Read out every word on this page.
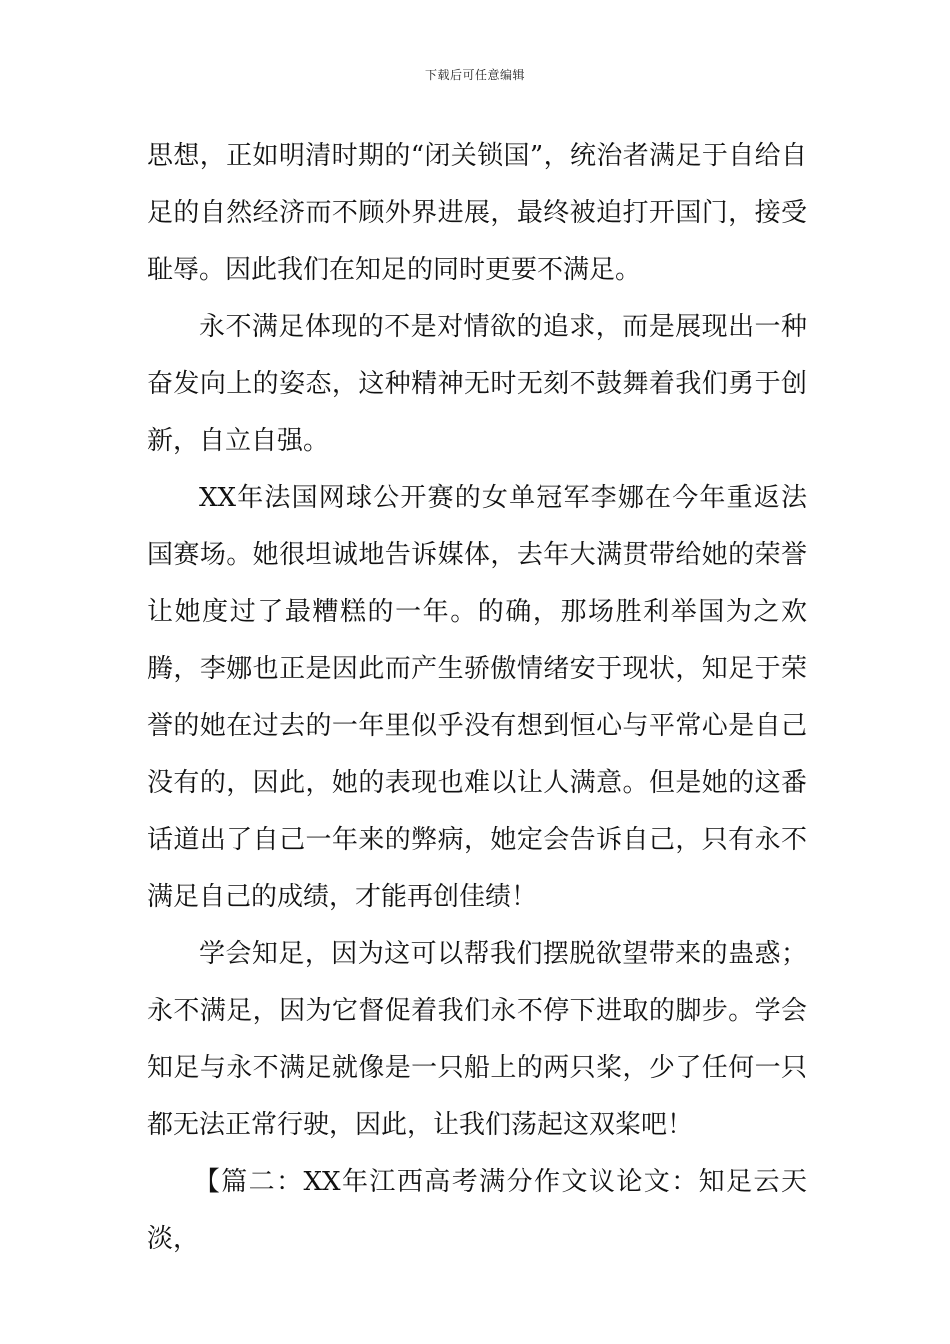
下载后可任意编辑

思想，正如明清时期的“闭关锁国”，统治者满足于自给自足的自然经济而不顾外界进展，最终被迫打开国门，接受耻辱。因此我们在知足的同时更要不满足。

永不满足体现的不是对情欲的追求，而是展现出一种奋发向上的姿态，这种精神无时无刻不鼓舞着我们勇于创新，自立自强。

XX年法国网球公开赛的女单冠军李娜在今年重返法国赛场。她很坦诚地告诉媒体，去年大满贯带给她的荣誉让她度过了最糟糕的一年。的确，那场胜利举国为之欢腾，李娜也正是因此而产生骄傲情绪安于现状，知足于荣誉的她在过去的一年里似乎没有想到恒心与平常心是自己没有的，因此，她的表现也难以让人满意。但是她的这番话道出了自己一年来的弊病，她定会告诉自己，只有永不满足自己的成绩，才能再创佳绩！

学会知足，因为这可以帮我们摆脱欲望带来的蛊惑；永不满足，因为它督促着我们永不停下进取的脚步。学会知足与永不满足就像是一只船上的两只桨，少了任何一只都无法正常行驶，因此，让我们荡起这双桨吧！

【篇二：XX年江西高考满分作文议论文：知足云天淡，
